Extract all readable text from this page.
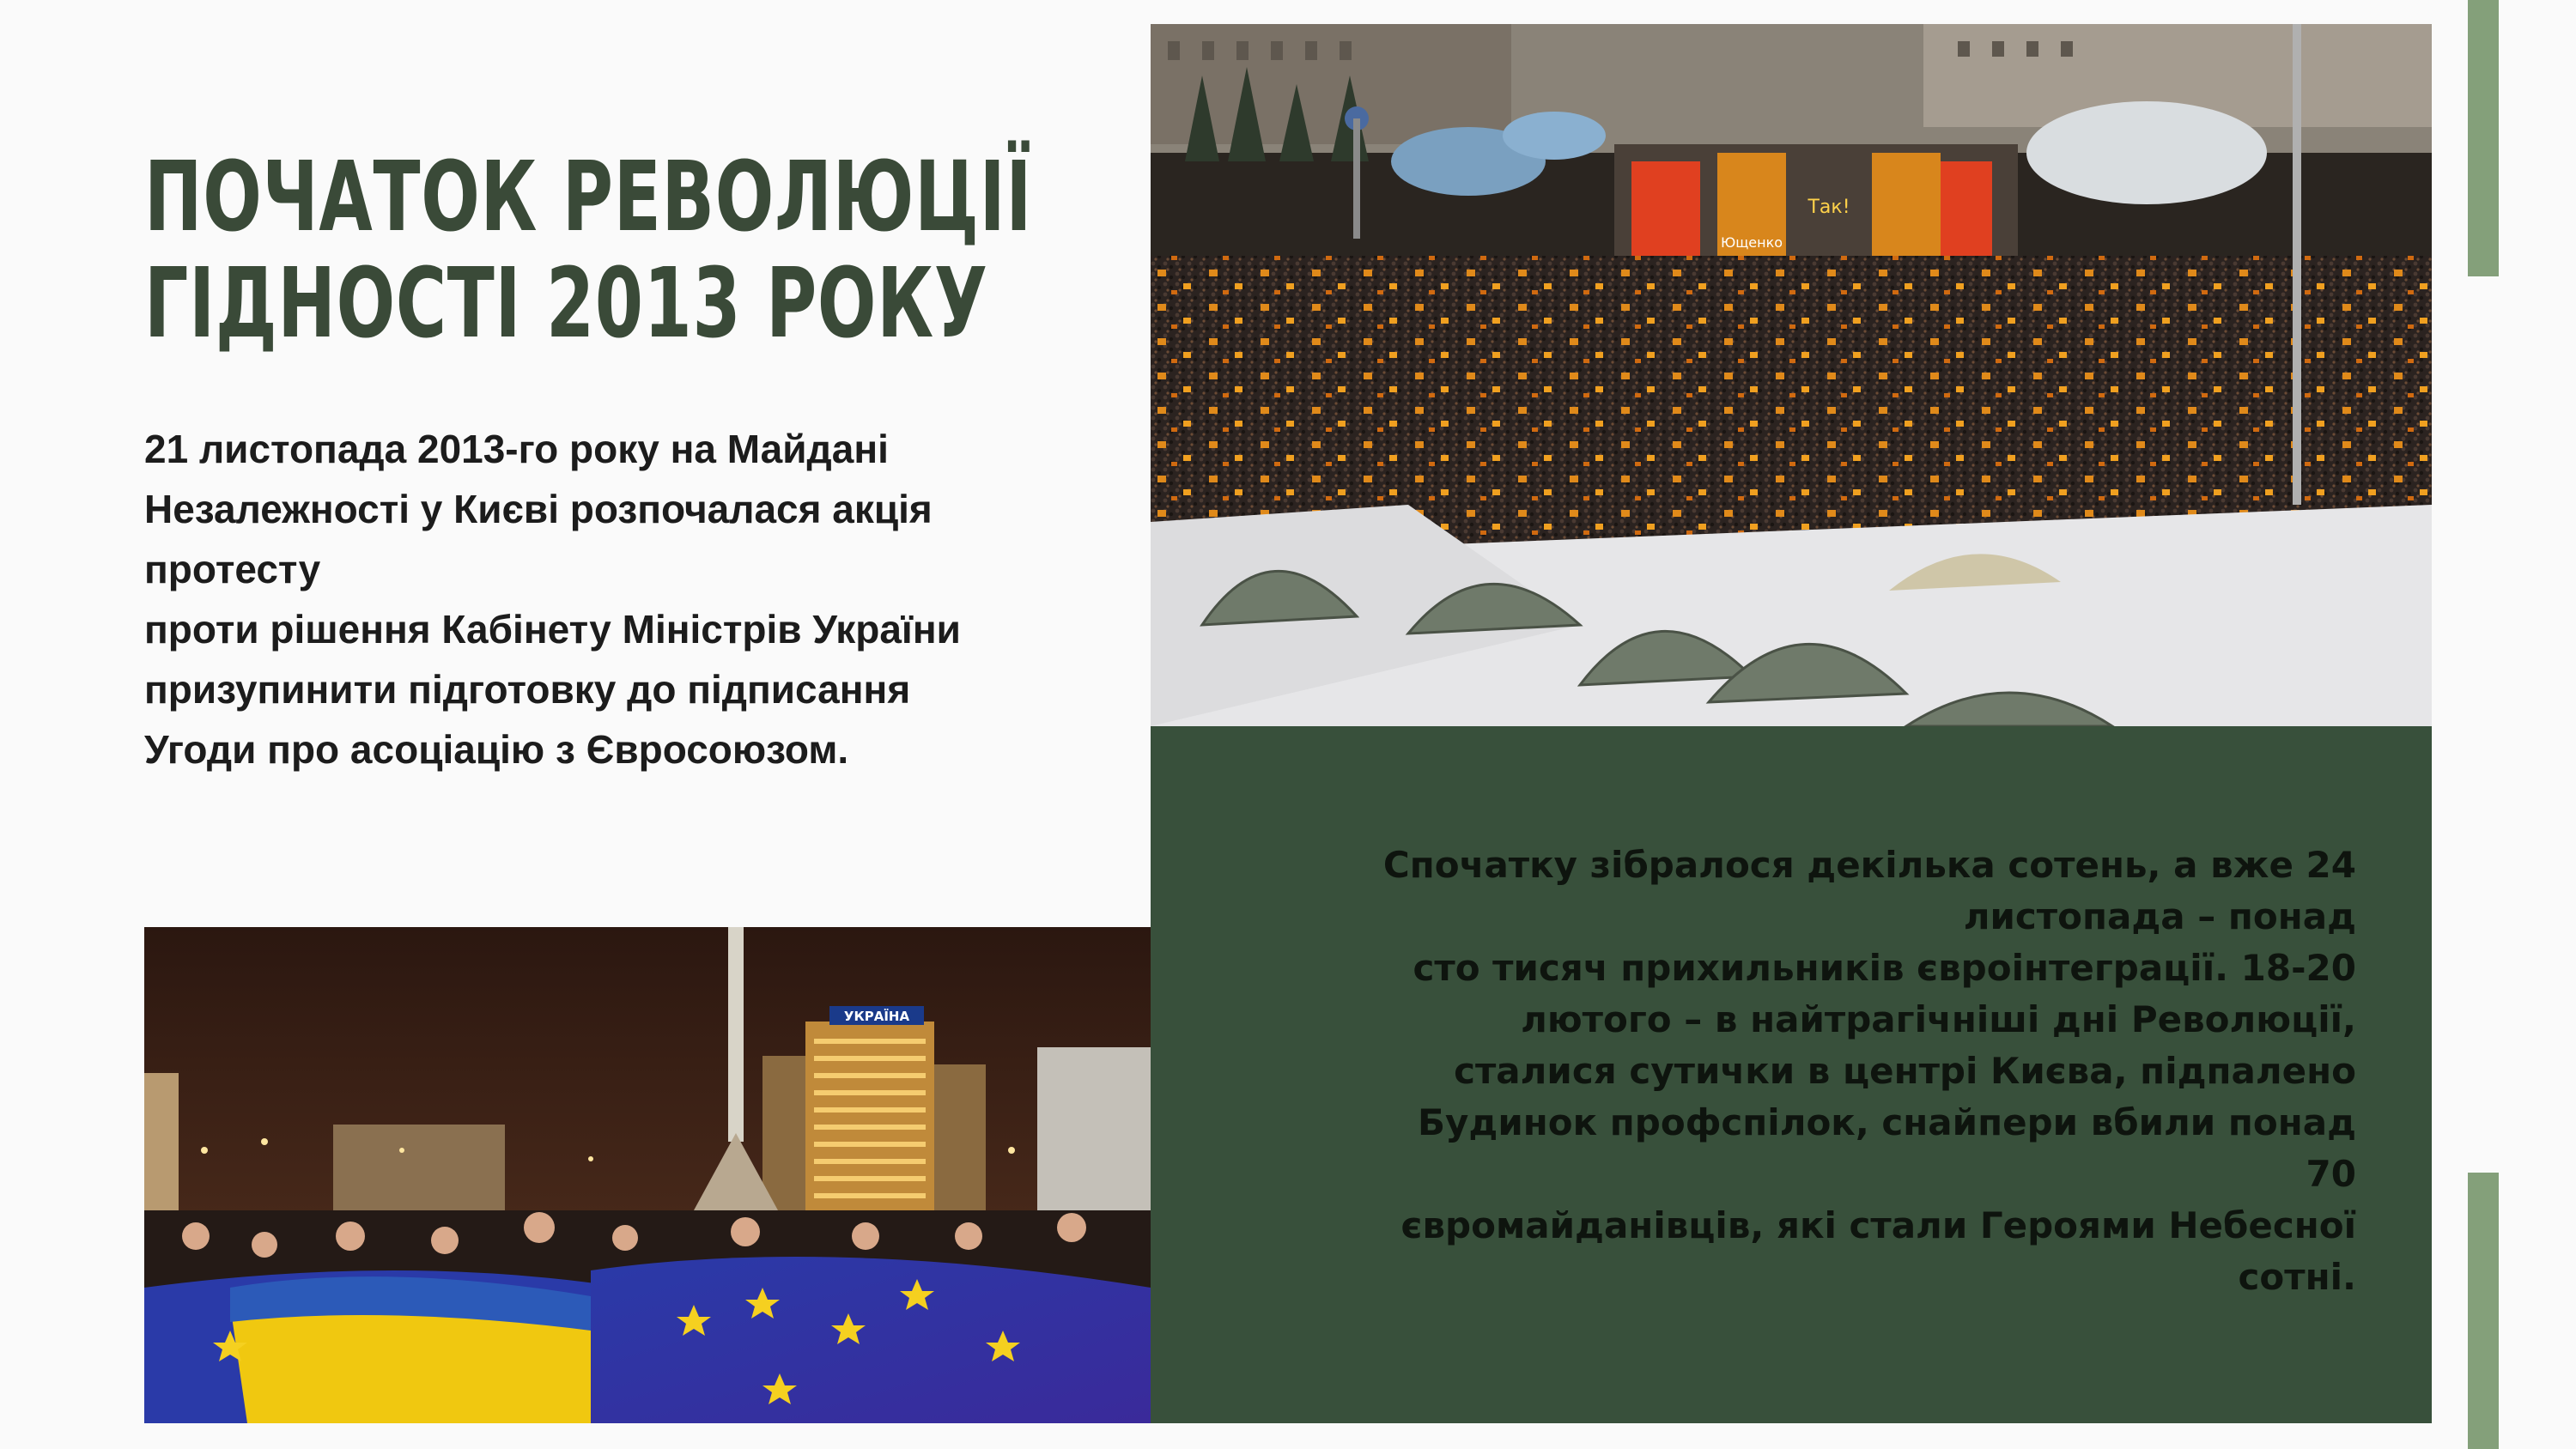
ПОЧАТОК РЕВОЛЮЦІЇ
ГІДНОСТІ 2013 РОКУ
21 листопада 2013-го року на Майдані
Незалежності у Києві розпочалася акція
протесту
проти рішення Кабінету Міністрів України
призупинити підготовку до підписання
Угоди про асоціацію з Євросоюзом.
Ющенко
Так!
УКРАЇНА
Спочатку зібралося декілька сотень, а вже 24
листопада – понад
сто тисяч прихильників євроінтеграції. 18-20
лютого – в найтрагічніші дні Революції,
сталися сутички в центрі Києва, підпалено
Будинок профспілок, снайпери вбили понад
70
євромайданівців, які стали Героями Небесної
сотні.
